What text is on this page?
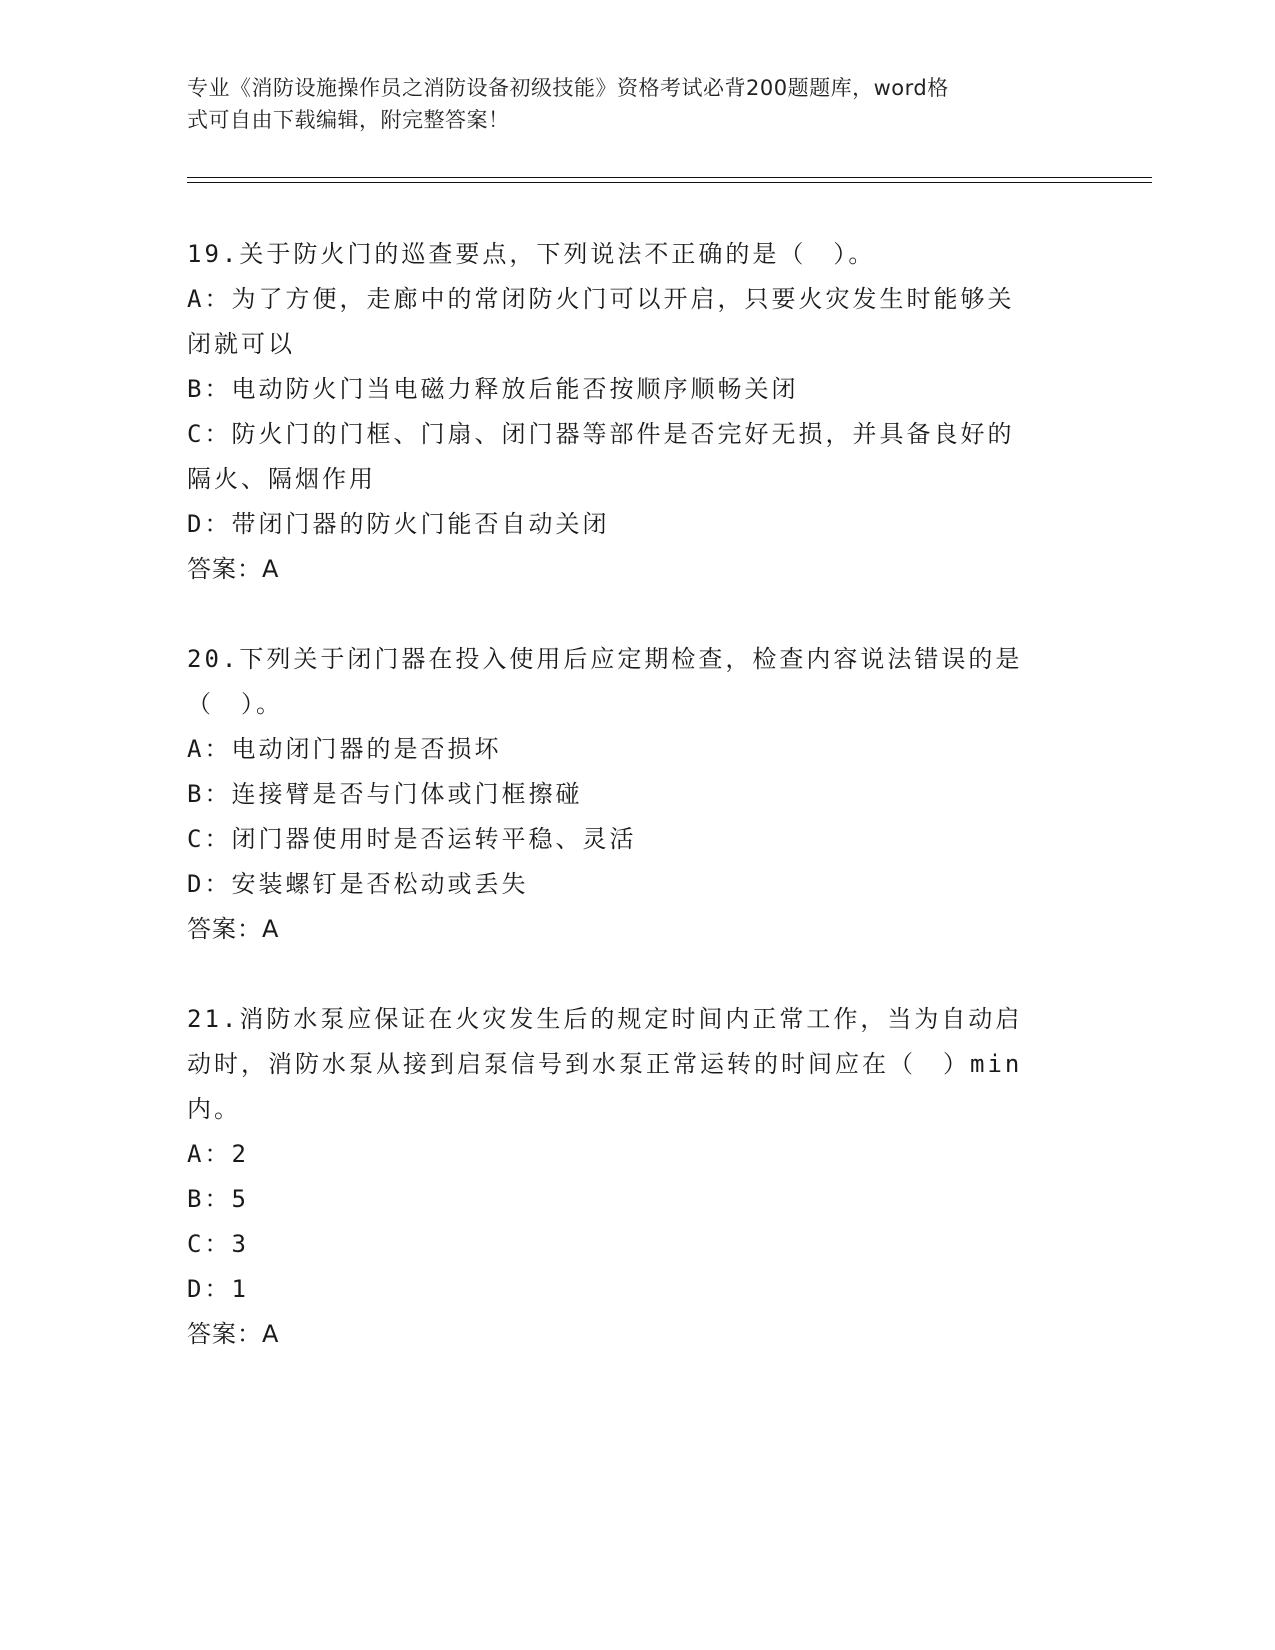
专业《消防设施操作员之消防设备初级技能》资格考试必背200题题库，word格
式可自由下载编辑，附完整答案！
19.关于防火门的巡查要点，下列说法不正确的是（　）。
A：为了方便，走廊中的常闭防火门可以开启，只要火灾发生时能够关
闭就可以
B：电动防火门当电磁力释放后能否按顺序顺畅关闭
C：防火门的门框、门扇、闭门器等部件是否完好无损，并具备良好的
隔火、隔烟作用
D：带闭门器的防火门能否自动关闭
答案：A
20.下列关于闭门器在投入使用后应定期检查，检查内容说法错误的是
（　）。
A：电动闭门器的是否损坏
B：连接臂是否与门体或门框擦碰
C：闭门器使用时是否运转平稳、灵活
D：安装螺钉是否松动或丢失
答案：A
21.消防水泵应保证在火灾发生后的规定时间内正常工作，当为自动启
动时，消防水泵从接到启泵信号到水泵正常运转的时间应在（　）min
内。
A：2
B：5
C：3
D：1
答案：A
